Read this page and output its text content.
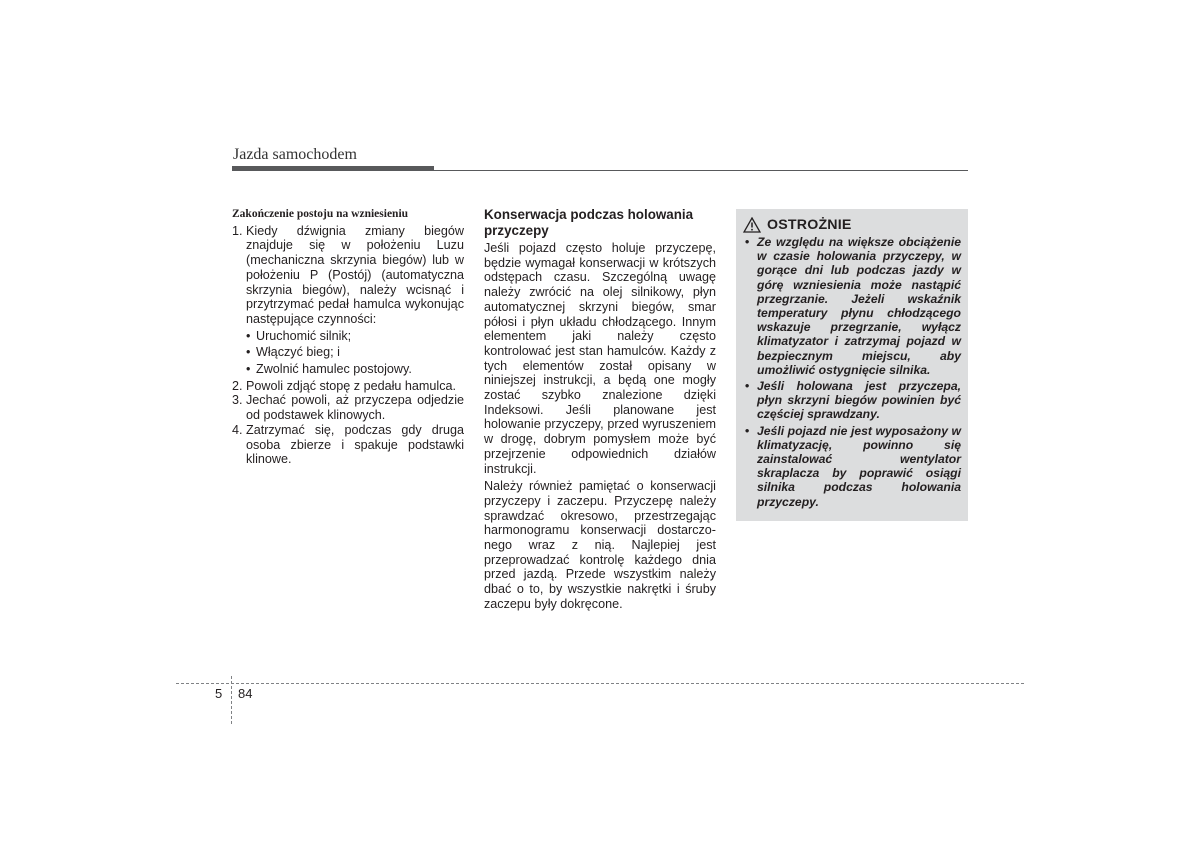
Jazda samochodem
Zakończenie postoju na wzniesieniu
1. Kiedy dźwignia zmiany biegów znajduje się w położeniu Luzu (mechaniczna skrzynia biegów) lub w położeniu P (Postój) (automatyczna skrzynia biegów), należy wcisnąć i przytrzymać pedał hamulca wykonując następujące czynności:
• Uruchomić silnik;
• Włączyć bieg; i
• Zwolnić hamulec postojowy.
2. Powoli zdjąć stopę z pedału hamulca.
3. Jechać powoli, aż przyczepa odjedzie od podstawek klinowych.
4. Zatrzymać się, podczas gdy druga osoba zbierze i spakuje podstawki klinowe.
Konserwacja podczas holowania przyczepy

Jeśli pojazd często holuje przyczepę, będzie wymagał konserwacji w krótszych odstępach czasu. Szczególną uwagę należy zwrócić na olej silnikowy, płyn automatycznej skrzyni biegów, smar półosi i płyn układu chłodzącego. Innym elementem jaki należy często kontrolować jest stan hamulców. Każdy z tych elementów został opisany w niniejszej instrukcji, a będą one mogły zostać szybko znalezione dzięki Indeksowi. Jeśli planowane jest holowanie przyczepy, przed wyruszeniem w drogę, dobrym pomysłem może być przejrzenie odpowiednich działów instrukcji.

Należy również pamiętać o konserwacji przyczepy i zaczepu. Przyczepę należy sprawdzać okresowo, przestrzegając harmonogramu konserwacji dostarczo-nego wraz z nią. Najlepiej jest przeprowadzać kontrolę każdego dnia przed jazdą. Przede wszystkim należy dbać o to, by wszystkie nakrętki i śruby zaczepu były dokręcone.

OSTROŻNIE
• Ze względu na większe obciążenie w czasie holowania przyczepy, w gorące dni lub podczas jazdy w górę wzniesienia może nastąpić przegrzanie. Jeżeli wskaźnik temperatury płynu chłodzącego wskazuje przegrzanie, wyłącz klimatyzator i zatrzymaj pojazd w bezpiecznym miejscu, aby umożliwić ostygnięcie silnika.
• Jeśli holowana jest przyczepa, płyn skrzyni biegów powinien być częściej sprawdzany.
• Jeśli pojazd nie jest wyposażony w klimatyzację, powinno się zainstalować wentylator skraplacza by poprawić osiągi silnika podczas holowania przyczepy.
5 84
